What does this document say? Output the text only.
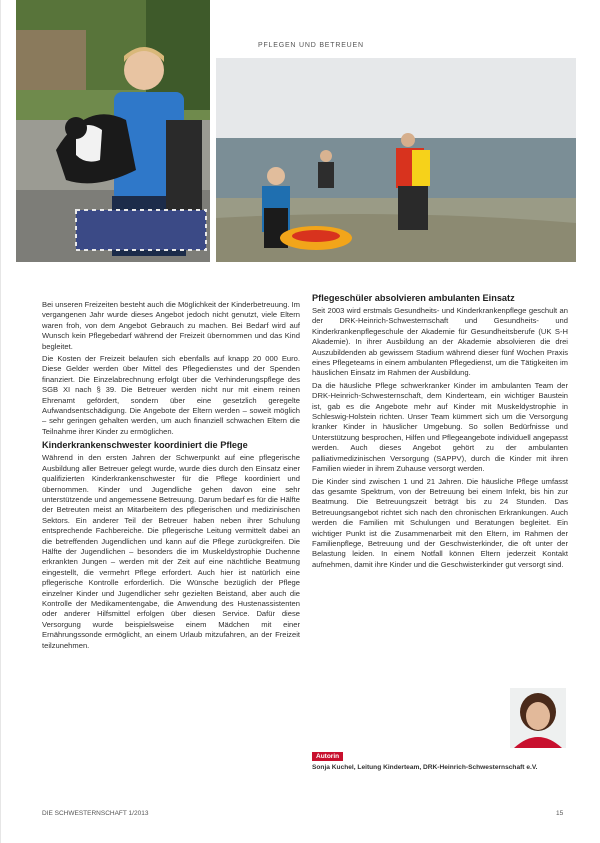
PFLEGEN UND BETREUEN

Bei unseren Freizeiten besteht auch die Möglichkeit der Kinderbetreuung. Im vergangenen Jahr wurde dieses Angebot jedoch nicht genutzt, viele Eltern waren froh, von dem Angebot Gebrauch zu machen. Bei Bedarf wird auf Wunsch kein Pflegebedarf während der Freizeit übernommen und das Kind begleitet.

Die Kosten der Freizeit belaufen sich ebenfalls auf knapp 20 000 Euro. Diese Gelder werden über Mittel des Pflegedienstes und der Spenden finanziert. Die Einzelabrechnung erfolgt über die Verhinderungspflege des SGB XI nach § 39. Die Betreuer werden nicht nur mit einem reinen Ehrenamt gefördert, sondern über eine gesetzlich geregelte Aufwandsentschädigung. Die Angebote der Eltern werden – soweit möglich – sehr geringen gehalten werden, um auch finanziell schwachen Eltern die Teilnahme ihrer Kinder zu ermöglichen.

Kinderkrankenschwester koordiniert die Pflege

Während in den ersten Jahren der Schwerpunkt auf eine pflegerische Ausbildung aller Betreuer gelegt wurde, wurde dies durch den Einsatz einer qualifizierten Kinderkrankenschwester für die Pflege koordiniert und übernommen. Kinder und Jugendliche gehen davon eine sehr unterstützende und angemessene Betreuung. Darum bedarf es für die Hälfte der Betreuten meist an Mitarbeitern des pflegerischen und medizinischen Sektors. Ein anderer Teil der Betreuer haben neben ihrer Schulung entsprechende Fachbereiche. Die pflegerische Leitung vermittelt dabei an die betreffenden Jugendlichen und kann auf die Pflege zurückgreifen. Die Hälfte der Jugendlichen – besonders die im Muskeldystrophie Duchenne erkrankten Jungen – werden mit der Zeit auf eine nächtliche Beatmung eingestellt, die vermehrt Pflege erfordert. Auch hier ist natürlich eine pflegerische Kontrolle erforderlich. Die Wünsche bezüglich der Pflege einzelner Kinder und Jugendlicher sehr gezielten Beistand, aber auch die Kontrolle der Medikamentengabe, die Anwendung des Hustenassistenten oder anderer Hilfsmittel erfolgen über diesen Service. Dafür diese Versorgung wurde beispielsweise einem Mädchen mit einer Ernährungssonde ermöglicht, an einem Urlaub mitzufahren, an der Freizeit teilzunehmen.

Pflegeschüler absolvieren ambulanten Einsatz

Seit 2003 wird erstmals Gesundheits- und Kinderkrankenpflege geschult an der DRK-Heinrich-Schwesternschaft und Gesundheits- und Kinderkrankenpflegeschule der Akademie für Gesundheitsberufe (UK S-H Akademie). In ihrer Ausbildung an der Akademie absolvieren die drei Auszubildenden ab gewissem Stadium während dieser fünf Wochen Praxis eines Pflegeteams in einem ambulanten Pflegedienst, um die Tätigkeiten im häuslichen Einsatz im Rahmen der Ausbildung.

Da die häusliche Pflege schwerkranker Kinder im ambulanten Team der DRK-Heinrich-Schwesternschaft, dem Kinderteam, ein wichtiger Baustein ist, gab es die Angebote mehr auf Kinder mit Muskeldystrophie in Schleswig-Holstein richten. Unser Team kümmert sich um die Versorgung kranker Kinder in häuslicher Umgebung. So sollen Bedürfnisse und Unterstützung besprochen, Hilfen und Pflegeangebote individuell angepasst werden. Auch dieses Angebot gehört zu der ambulanten palliativmedizinischen Versorgung (SAPPV), durch die Kinder mit ihren Familien wieder in ihrem Zuhause versorgt werden.

Die Kinder sind zwischen 1 und 21 Jahren. Die häusliche Pflege umfasst das gesamte Spektrum, von der Betreuung bei einem Infekt, bis hin zur Beatmung. Die Betreuungszeit beträgt bis zu 24 Stunden. Das Betreuungsangebot richtet sich nach den chronischen Erkrankungen. Auch werden die Familien mit Schulungen und Beratungen begleitet. Ein wichtiger Punkt ist die Zusammenarbeit mit den Eltern, im Rahmen der Familienpflege, Betreuung und der Geschwisterkinder, die oft unter der Belastung leiden. In einem Notfall können Eltern jederzeit Kontakt aufnehmen, damit ihre Kinder und die Geschwisterkinder gut versorgt sind.

Autorin
Sonja Kuchel, Leitung Kinderteam, DRK-Heinrich-Schwesternschaft e.V.
DIE SCHWESTERNSCHAFT 1/2013	15
